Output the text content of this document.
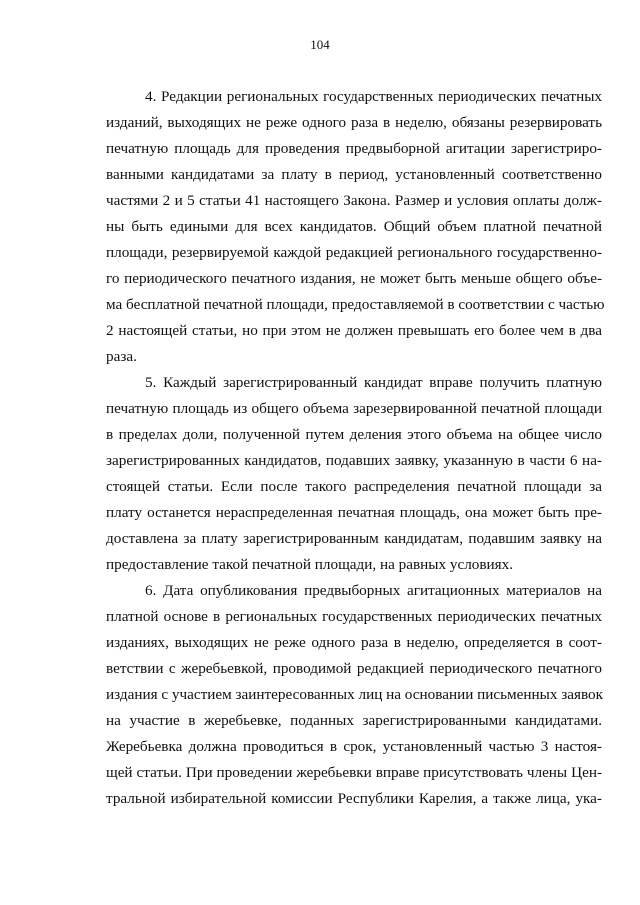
104
4. Редакции региональных государственных периодических печатных
изданий, выходящих не реже одного раза в неделю, обязаны резервировать
печатную площадь для проведения предвыборной агитации зарегистриро-
ванными кандидатами за плату в период, установленный соответственно
частями 2 и 5 статьи 41 настоящего Закона. Размер и условия оплаты долж-
ны быть едиными для всех кандидатов. Общий объем платной печатной
площади, резервируемой каждой редакцией регионального государственно-
го периодического печатного издания, не может быть меньше общего объе-
ма бесплатной печатной площади, предоставляемой в соответствии с частью
2 настоящей статьи, но при этом не должен превышать его более чем в два
раза.
5. Каждый зарегистрированный кандидат вправе получить платную
печатную площадь из общего объема зарезервированной печатной площади
в пределах доли, полученной путем деления этого объема на общее число
зарегистрированных кандидатов, подавших заявку, указанную в части 6 на-
стоящей статьи. Если после такого распределения печатной площади за
плату останется нераспределенная печатная площадь, она может быть пре-
доставлена за плату зарегистрированным кандидатам, подавшим заявку на
предоставление такой печатной площади, на равных условиях.
6. Дата опубликования предвыборных агитационных материалов на
платной основе в региональных государственных периодических печатных
изданиях, выходящих не реже одного раза в неделю, определяется в соот-
ветствии с жеребьевкой, проводимой редакцией периодического печатного
издания с участием заинтересованных лиц на основании письменных заявок
на участие в жеребьевке, поданных зарегистрированными кандидатами.
Жеребьевка должна проводиться в срок, установленный частью 3 настоя-
щей статьи. При проведении жеребьевки вправе присутствовать члены Цен-
тральной избирательной комиссии Республики Карелия, а также лица, ука-
